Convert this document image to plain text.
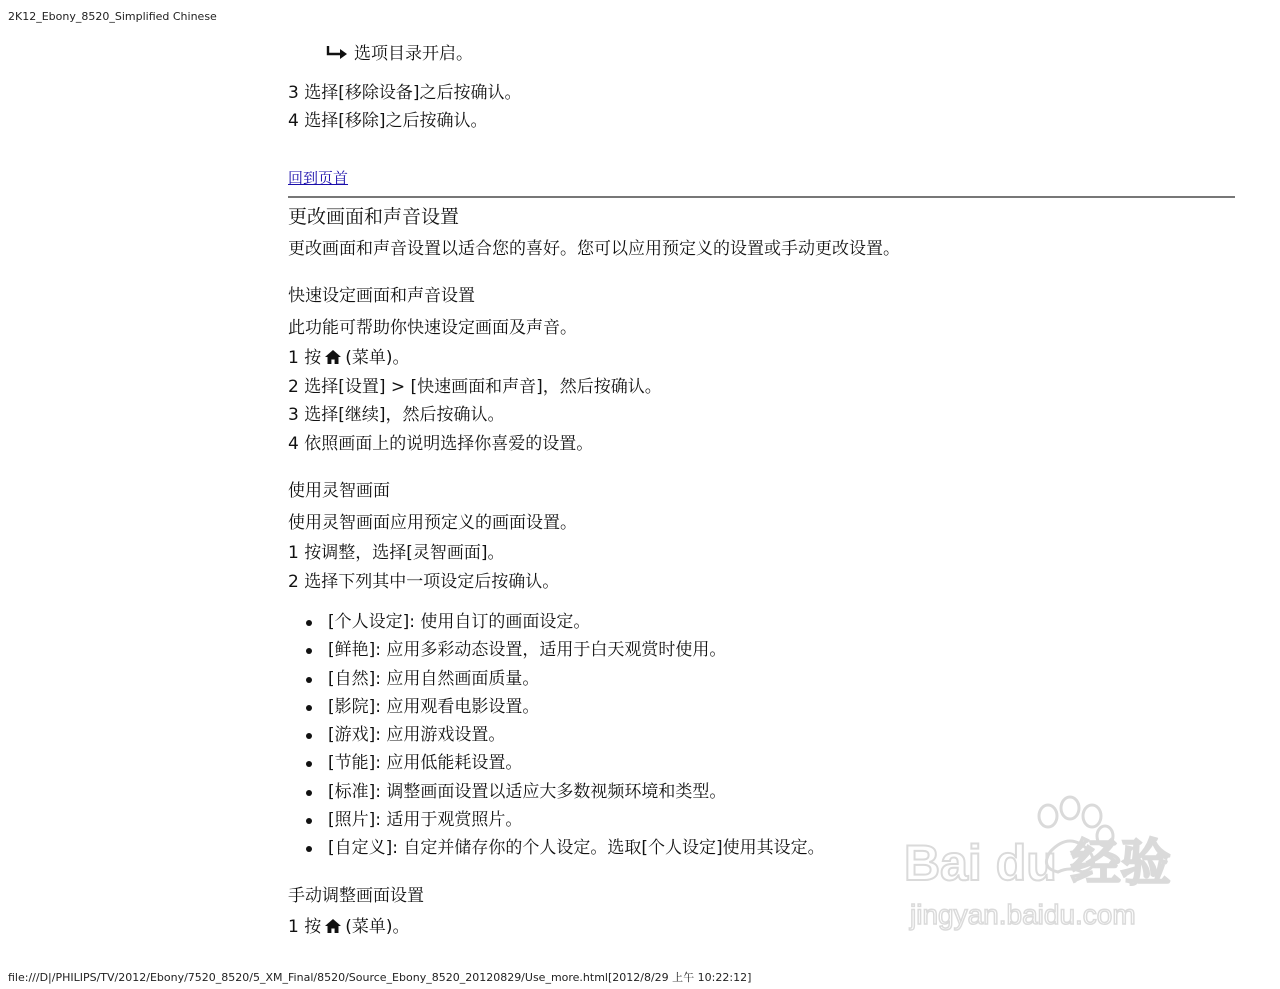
2K12_Ebony_8520_Simplified Chinese
选项目录开启。
3 选择[移除设备]之后按确认。
4 选择[移除]之后按确认。
回到页首
更改画面和声音设置
更改画面和声音设置以适合您的喜好。您可以应用预定义的设置或手动更改设置。
快速设定画面和声音设置
此功能可帮助你快速设定画面及声音。
1 按 (菜单)。
2 选择[设置] > [快速画面和声音]，然后按确认。
3 选择[继续]，然后按确认。
4 依照画面上的说明选择你喜爱的设置。
使用灵智画面
使用灵智画面应用预定义的画面设置。
1 按调整，选择[灵智画面]。
2 选择下列其中一项设定后按确认。
[个人设定]: 使用自订的画面设定。
[鲜艳]: 应用多彩动态设置，适用于白天观赏时使用。
[自然]: 应用自然画面质量。
[影院]: 应用观看电影设置。
[游戏]: 应用游戏设置。
[节能]: 应用低能耗设置。
[标准]: 调整画面设置以适应大多数视频环境和类型。
[照片]: 适用于观赏照片。
[自定义]: 自定并储存你的个人设定。选取[个人设定]使用其设定。
手动调整画面设置
1 按 (菜单)。
Bai du 经验
jingyan.baidu.com
file:///D|/PHILIPS/TV/2012/Ebony/7520_8520/5_XM_Final/8520/Source_Ebony_8520_20120829/Use_more.html[2012/8/29 上午 10:22:12]
